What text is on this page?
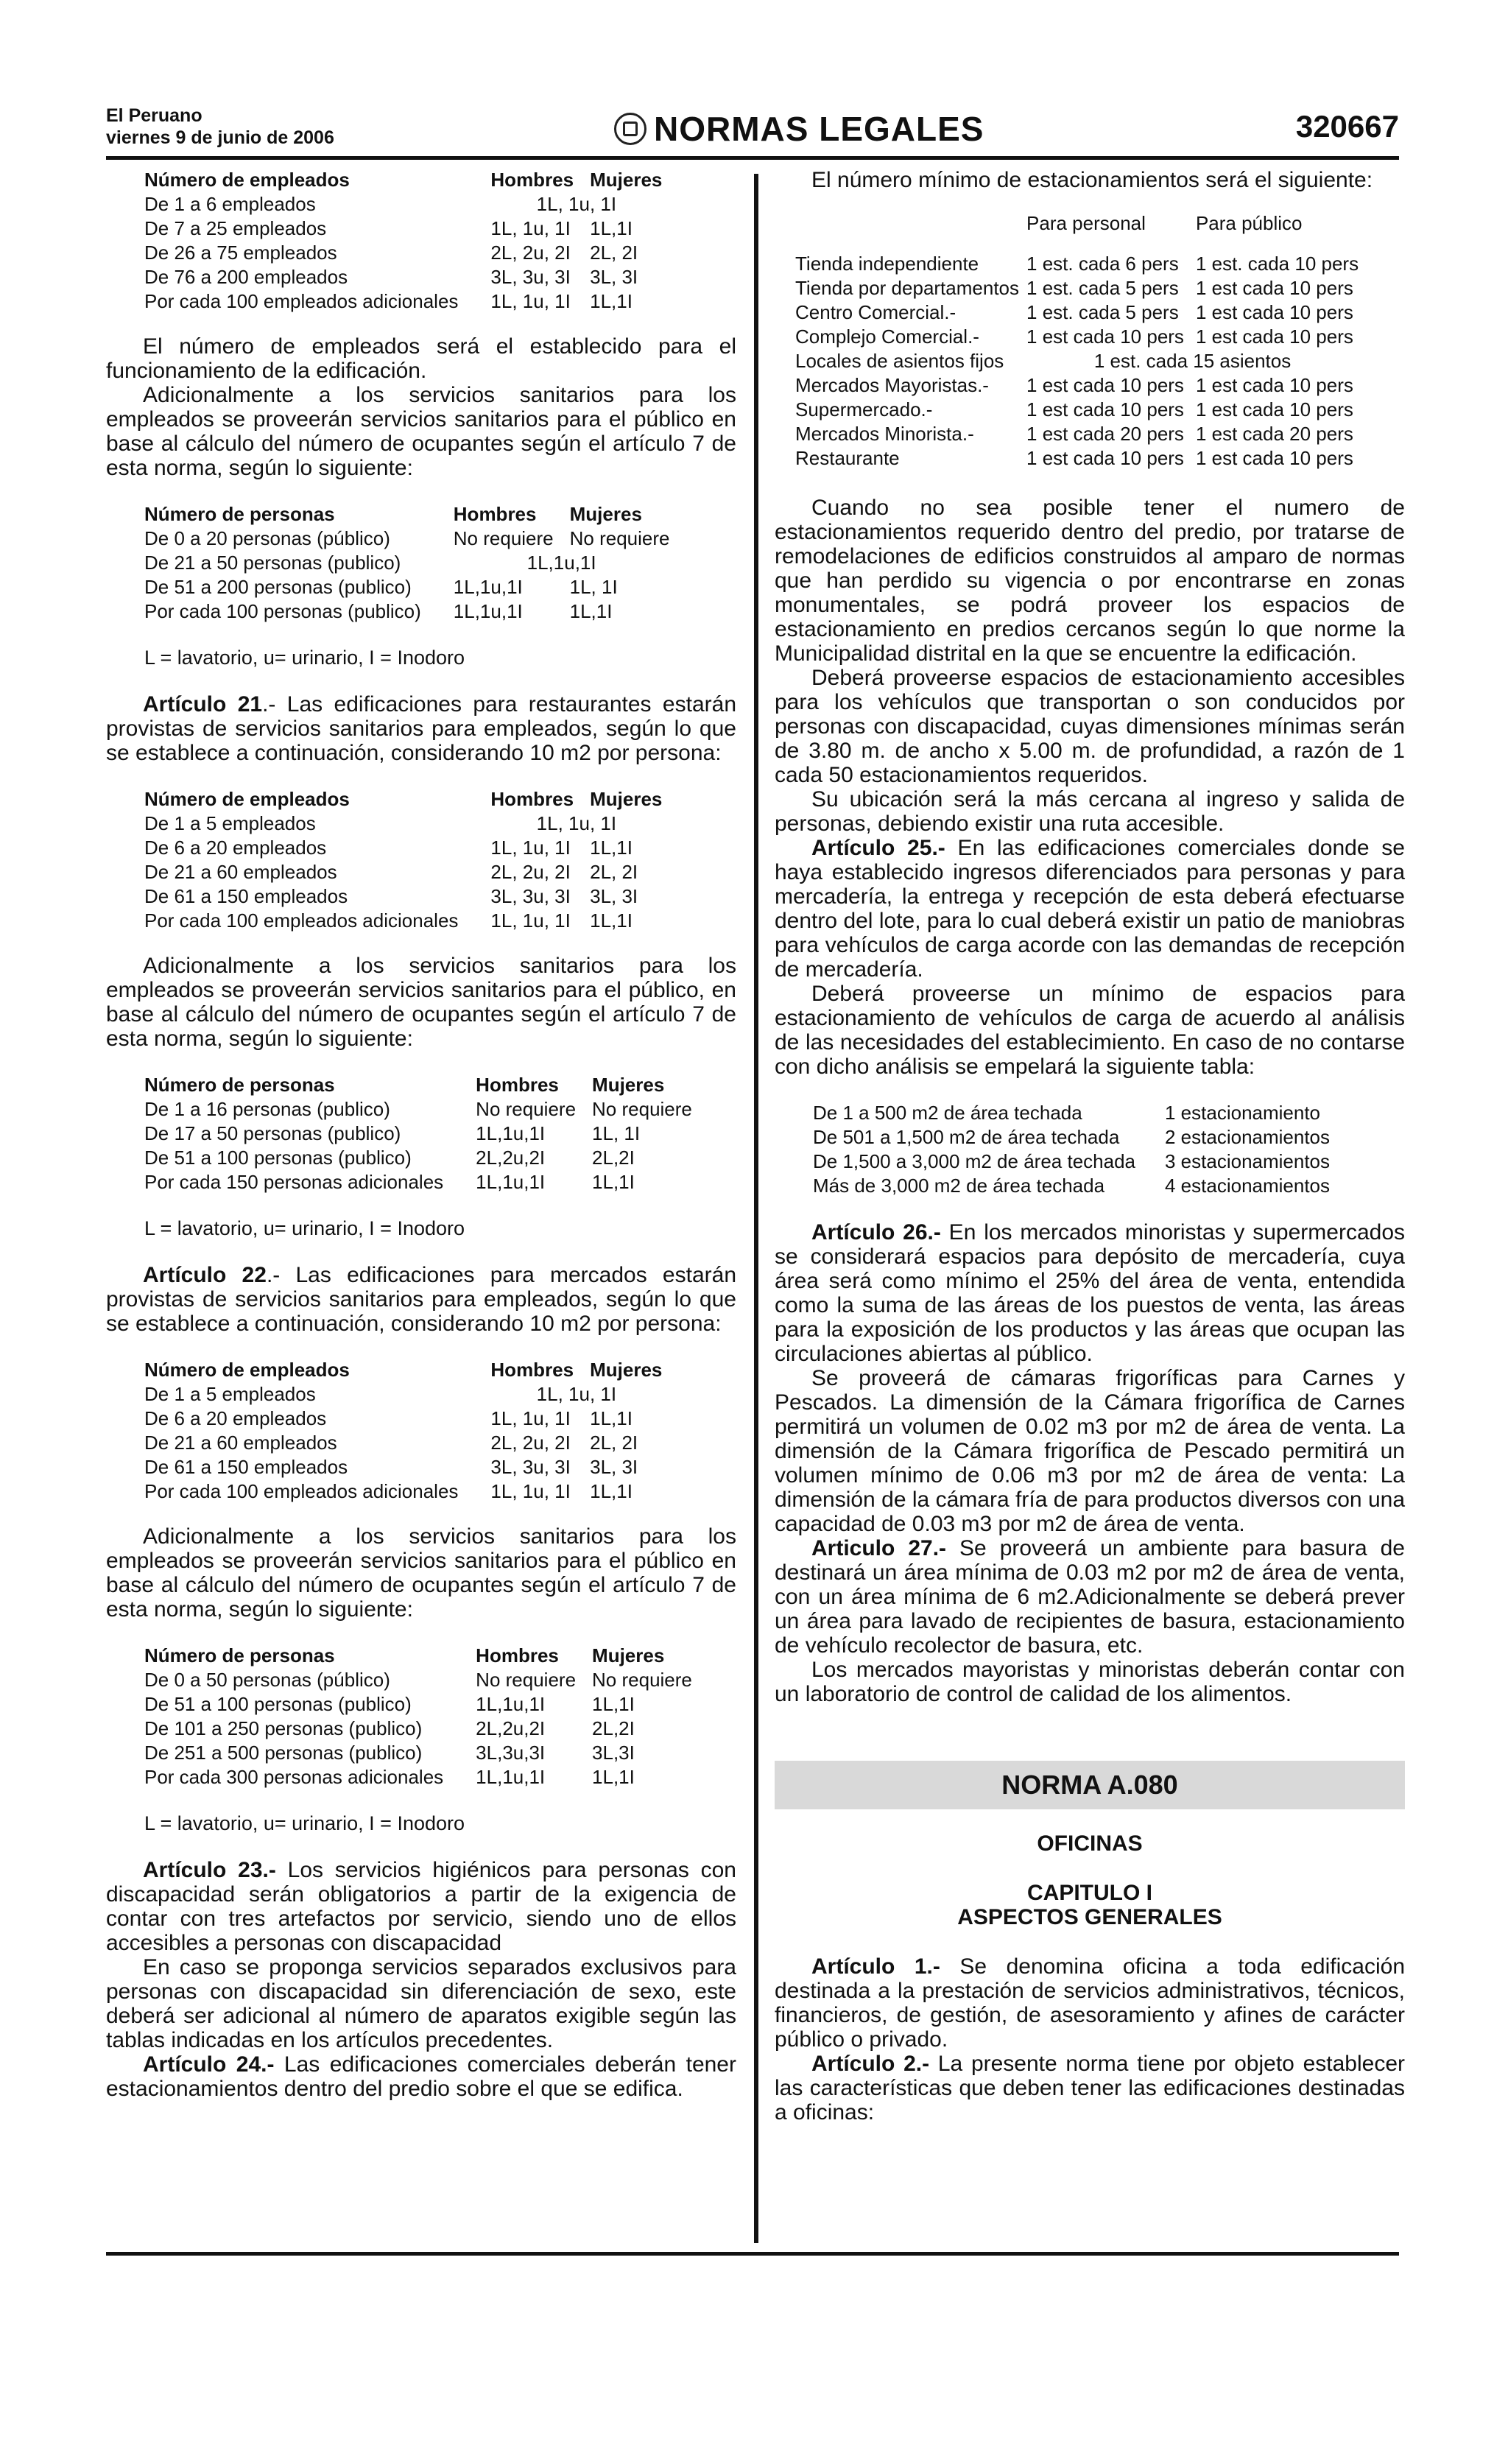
El Peruano
viernes 9 de junio de 2006	NORMAS LEGALES	320667
Número de empleados	Hombres	Mujeres
De 1 a 6 empleados	1L, 1u, 1I	
De 7 a 25 empleados	1L, 1u, 1I	1L,1I
De 26 a 75 empleados	2L, 2u, 2I	2L, 2I
De 76 a 200 empleados	3L, 3u, 3I	3L, 3I
Por cada 100 empleados adicionales	1L, 1u, 1I	1L,1I

El número de empleados será el establecido para el funcionamiento de la edificación.

Adicionalmente a los servicios sanitarios para los empleados se proveerán servicios sanitarios para el público en base al cálculo del número de ocupantes según el artículo 7 de esta norma, según lo siguiente:

Número de personas	Hombres	Mujeres
De 0 a 20 personas (público)	No requiere	No requiere
De 21 a 50 personas (publico)	1L,1u,1I	
De 51 a 200 personas (publico)	1L,1u,1I	1L, 1I
Por cada 100 personas (publico)	1L,1u,1I	1L,1I

L = lavatorio, u= urinario, I = Inodoro

Artículo 21.- Las edificaciones para restaurantes estarán provistas de servicios sanitarios para empleados, según lo que se establece a continuación, considerando 10 m2 por persona:

Número de empleados	Hombres	Mujeres
De 1 a 5 empleados	1L, 1u, 1I	
De 6 a 20 empleados	1L, 1u, 1I	1L,1I
De 21 a 60 empleados	2L, 2u, 2I	2L, 2I
De 61 a 150 empleados	3L, 3u, 3I	3L, 3I
Por cada 100 empleados adicionales	1L, 1u, 1I	1L,1I

Adicionalmente a los servicios sanitarios para los empleados se proveerán servicios sanitarios para el público, en base al cálculo del número de ocupantes según el artículo 7 de esta norma, según lo siguiente:

Número de personas	Hombres	Mujeres
De 1 a 16 personas (publico)	No requiere	No requiere
De 17 a 50 personas (publico)	1L,1u,1I	1L, 1I
De 51 a 100 personas (publico)	2L,2u,2I	2L,2I
Por cada 150 personas adicionales	1L,1u,1I	1L,1I

L = lavatorio, u= urinario, I = Inodoro

Artículo 22.- Las edificaciones para mercados estarán provistas de servicios sanitarios para empleados, según lo que se establece a continuación, considerando 10 m2 por persona:

Número de empleados	Hombres	Mujeres
De 1 a 5 empleados	1L, 1u, 1I	
De 6 a 20 empleados	1L, 1u, 1I	1L,1I
De 21 a 60 empleados	2L, 2u, 2I	2L, 2I
De 61 a 150 empleados	3L, 3u, 3I	3L, 3I
Por cada 100 empleados adicionales	1L, 1u, 1I	1L,1I

Adicionalmente a los servicios sanitarios para los empleados se proveerán servicios sanitarios para el público en base al cálculo del número de ocupantes según el artículo 7 de esta norma, según lo siguiente:

Número de personas	Hombres	Mujeres
De 0 a 50 personas (público)	No requiere	No requiere
De 51 a 100 personas (publico)	1L,1u,1I	1L,1I
De 101 a 250 personas (publico)	2L,2u,2I	2L,2I
De 251 a 500 personas (publico)	3L,3u,3I	3L,3I
Por cada 300 personas adicionales	1L,1u,1I	1L,1I

L = lavatorio, u= urinario, I = Inodoro

Artículo 23.- Los servicios higiénicos para personas con discapacidad serán obligatorios a partir de la exigencia de contar con tres artefactos por servicio, siendo uno de ellos accesibles a personas con discapacidad

En caso se proponga servicios separados exclusivos para personas con discapacidad sin diferenciación de sexo, este deberá ser adicional al número de aparatos exigible según las tablas indicadas en los artículos precedentes.

Artículo 24.- Las edificaciones comerciales deberán tener estacionamientos dentro del predio sobre el que se edifica.

El número mínimo de estacionamientos será el siguiente:

	Para personal	Para público
Tienda independiente	1 est. cada 6 pers	1 est. cada 10 pers
Tienda por departamentos	1 est. cada 5 pers	1 est cada 10 pers
Centro Comercial.-	1 est. cada 5 pers	1 est cada 10 pers
Complejo Comercial.-	1 est cada 10 pers	1 est cada 10 pers
Locales de asientos fijos	1 est. cada 15 asientos	
Mercados Mayoristas.-	1 est cada 10 pers	1 est cada 10 pers
Supermercado.-	1 est cada 10 pers	1 est cada 10 pers
Mercados Minorista.-	1 est cada 20 pers	1 est cada 20 pers
Restaurante	1 est cada 10 pers	1 est cada 10 pers

Cuando no sea posible tener el numero de estacionamientos requerido dentro del predio, por tratarse de remodelaciones de edificios construidos al amparo de normas que han perdido su vigencia o por encontrarse en zonas monumentales, se podrá proveer los espacios de estacionamiento en predios cercanos según lo que norme la Municipalidad distrital en la que se encuentre la edificación.

Deberá proveerse espacios de estacionamiento accesibles para los vehículos que transportan o son conducidos por personas con discapacidad, cuyas dimensiones mínimas serán de 3.80 m. de ancho x 5.00 m. de profundidad, a razón de 1 cada 50 estacionamientos requeridos.

Su ubicación será la más cercana al ingreso y salida de personas, debiendo existir una ruta accesible.

Artículo 25.- En las edificaciones comerciales donde se haya establecido ingresos diferenciados para personas y para mercadería, la entrega y recepción de esta deberá efectuarse dentro del lote, para lo cual deberá existir un patio de maniobras para vehículos de carga acorde con las demandas de recepción de mercadería.

Deberá proveerse un mínimo de espacios para estacionamiento de vehículos de carga de acuerdo al análisis de las necesidades del establecimiento. En caso de no contarse con dicho análisis se empelará la siguiente tabla:

De 1 a 500 m2 de área techada	1 estacionamiento
De 501 a 1,500 m2 de área techada	2 estacionamientos
De 1,500 a 3,000 m2 de área techada	3 estacionamientos
Más de 3,000 m2 de área techada	4 estacionamientos

Artículo 26.- En los mercados minoristas y supermercados se considerará espacios para depósito de mercadería, cuya área será como mínimo el 25% del área de venta, entendida como la suma de las áreas de los puestos de venta, las áreas para la exposición de los productos y las áreas que ocupan las circulaciones abiertas al público.

Se proveerá de cámaras frigoríficas para Carnes y Pescados. La dimensión de la Cámara frigorífica de Carnes permitirá un volumen de 0.02 m3 por m2 de área de venta. La dimensión de la Cámara frigorífica de Pescado permitirá un volumen mínimo de 0.06 m3 por m2 de área de venta: La dimensión de la cámara fría de para productos diversos con una capacidad de 0.03 m3 por m2 de área de venta.

Articulo 27.- Se proveerá un ambiente para basura de destinará un área mínima de 0.03 m2 por m2 de área de venta, con un área mínima de 6 m2.Adicionalmente se deberá prever un área para lavado de recipientes de basura, estacionamiento de vehículo recolector de basura, etc.

Los mercados mayoristas y minoristas deberán contar con un laboratorio de control de calidad de los alimentos.

NORMA A.080

OFICINAS

CAPITULO I

ASPECTOS GENERALES

Artículo 1.- Se denomina oficina a toda edificación destinada a la prestación de servicios administrativos, técnicos, financieros, de gestión, de asesoramiento y afines de carácter público o privado.

Artículo 2.- La presente norma tiene por objeto establecer las características que deben tener las edificaciones destinadas a oficinas:
